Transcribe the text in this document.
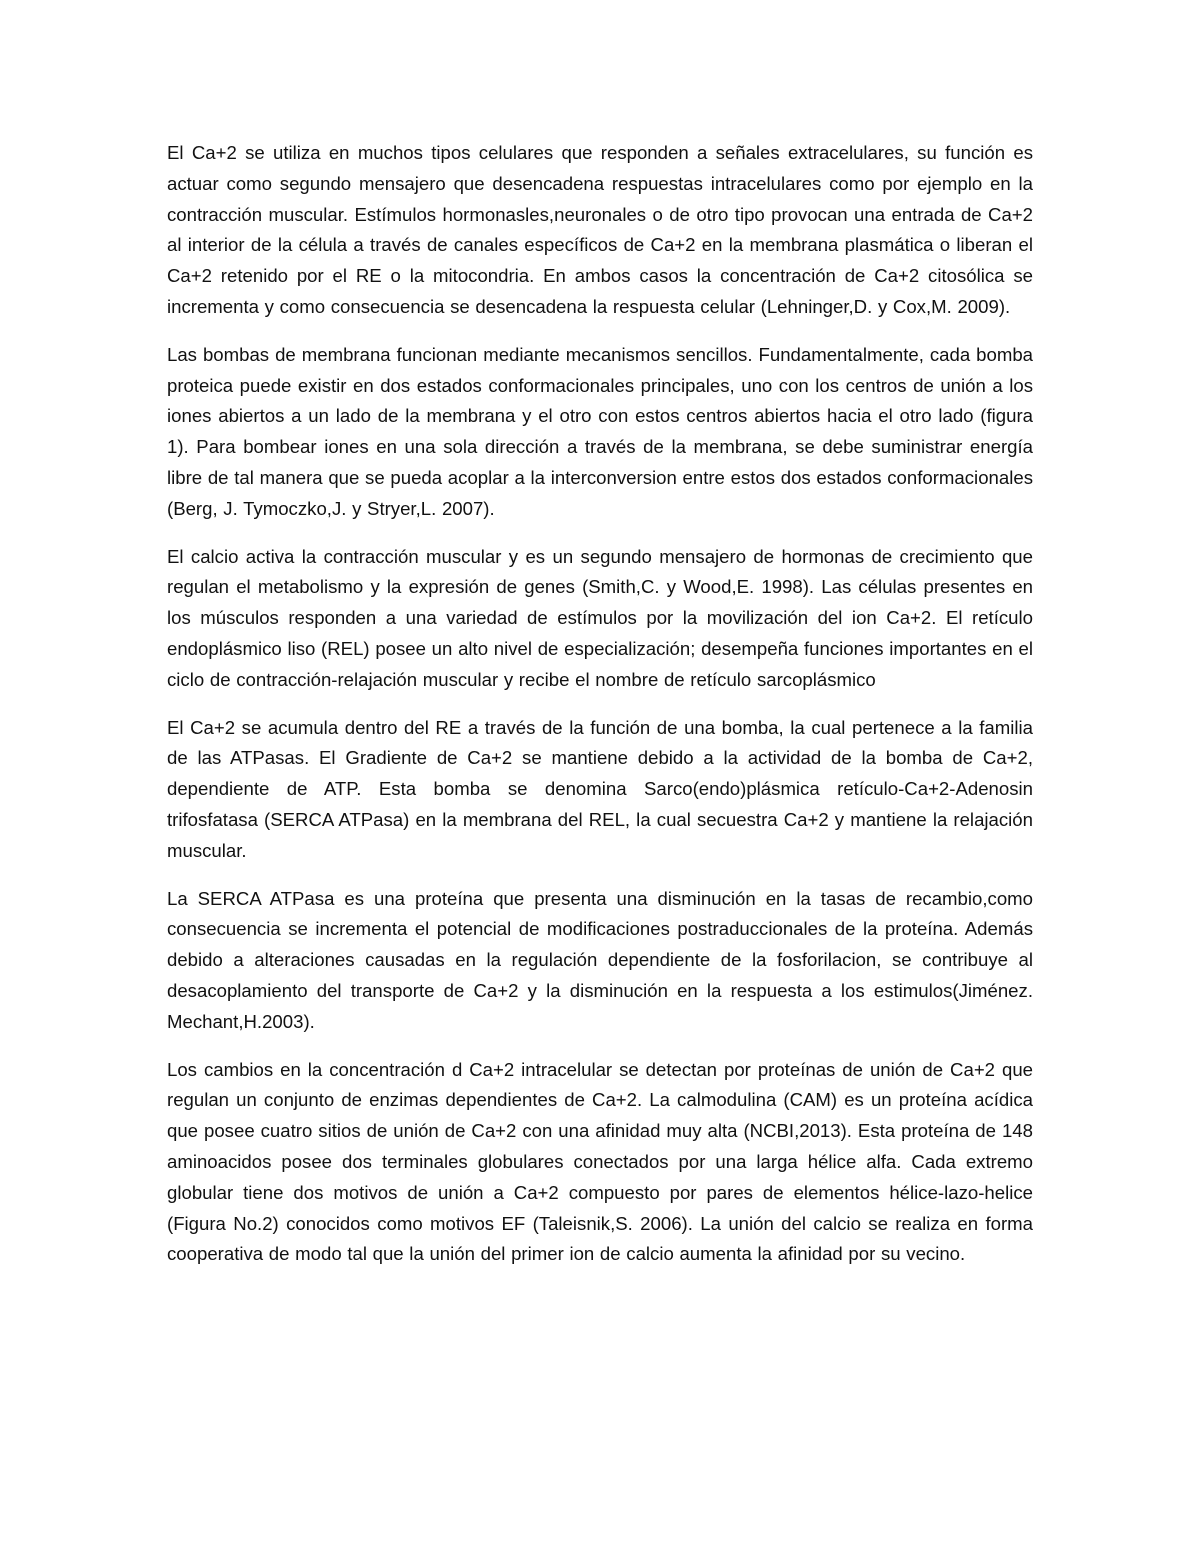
El Ca+2 se utiliza en muchos tipos celulares que responden a señales extracelulares, su función es actuar como segundo mensajero que desencadena respuestas intracelulares como por ejemplo en la contracción muscular. Estímulos hormonasles,neuronales o de otro tipo provocan una entrada de Ca+2 al interior de la célula a través de canales específicos de Ca+2 en la membrana plasmática o liberan el Ca+2 retenido por el RE o la mitocondria. En ambos casos la concentración de Ca+2 citosólica se incrementa y como consecuencia se desencadena la respuesta celular (Lehninger,D. y Cox,M. 2009).

Las bombas de membrana funcionan mediante mecanismos sencillos. Fundamentalmente, cada bomba proteica puede existir en dos estados conformacionales principales, uno con los centros de unión a los iones abiertos a un lado de la membrana y el otro con estos centros abiertos hacia el otro lado (figura 1). Para bombear iones en una sola dirección a través de la membrana, se debe suministrar energía libre de tal manera que se pueda acoplar a la interconversion entre estos dos estados conformacionales (Berg, J. Tymoczko,J. y Stryer,L. 2007).

El calcio activa la contracción muscular y es un segundo mensajero de hormonas de crecimiento que regulan el metabolismo y la expresión de genes (Smith,C. y Wood,E. 1998). Las células presentes en los músculos responden a una variedad de estímulos por la movilización del ion Ca+2. El retículo endoplásmico liso (REL) posee un alto nivel de especialización; desempeña funciones importantes en el ciclo de contracción-relajación muscular y recibe el nombre de retículo sarcoplásmico

El Ca+2 se acumula dentro del RE a través de la función de una bomba, la cual pertenece a la familia de las ATPasas. El Gradiente de Ca+2 se mantiene debido a la actividad de la bomba de Ca+2, dependiente de ATP. Esta bomba se denomina Sarco(endo)plásmica retículo-Ca+2-Adenosin trifosfatasa (SERCA ATPasa) en la membrana del REL, la cual secuestra Ca+2 y mantiene la relajación muscular.

La SERCA ATPasa es una proteína que presenta una disminución en la tasas de recambio,como consecuencia se incrementa el potencial de modificaciones postraduccionales de la proteína. Además debido a alteraciones causadas en la regulación dependiente de la fosforilacion, se contribuye al desacoplamiento del transporte de Ca+2 y la disminución en la respuesta a los estimulos(Jiménez. Mechant,H.2003).

Los cambios en la concentración d Ca+2 intracelular se detectan por proteínas de unión de Ca+2 que regulan un conjunto de enzimas dependientes de Ca+2. La calmodulina (CAM) es un proteína acídica que posee cuatro sitios de unión de Ca+2 con una afinidad muy alta (NCBI,2013). Esta proteína de 148 aminoacidos posee dos terminales globulares conectados por una larga hélice alfa. Cada extremo globular tiene dos motivos de unión a Ca+2 compuesto por pares de elementos hélice-lazo-helice (Figura No.2) conocidos como motivos EF (Taleisnik,S. 2006). La unión del calcio se realiza en forma cooperativa de modo tal que la unión del primer ion de calcio aumenta la afinidad por su vecino.
